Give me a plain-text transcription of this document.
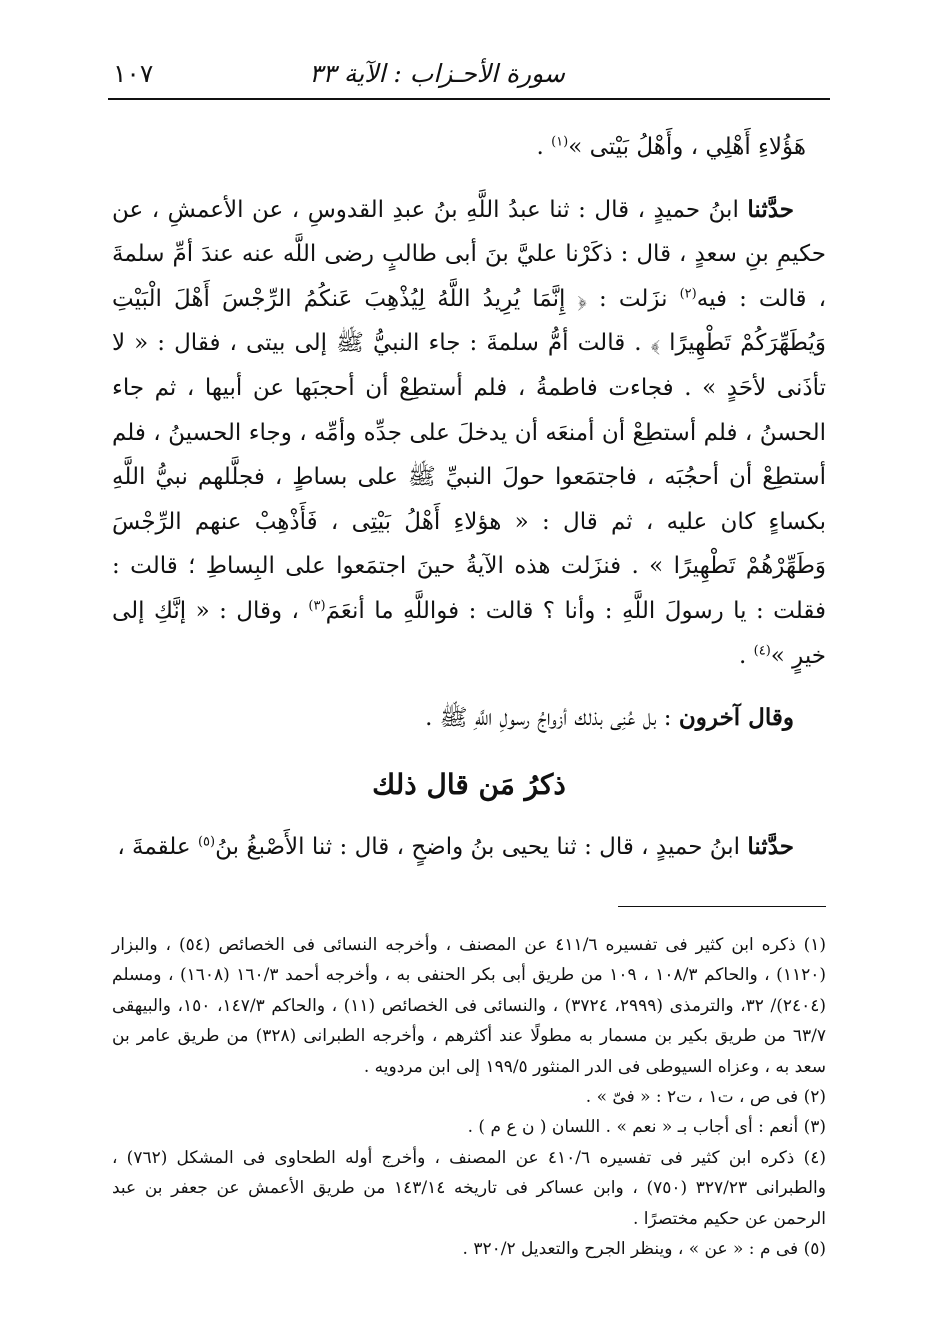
سورة الأحـزاب : الآية ٣٣
١٠٧

هَؤُلاءِ أَهْلِي ، وأَهْلُ بَيْتى »$^{(١)}$ .

حدَّثنا ابنُ حميدٍ ، قال : ثنا عبدُ اللَّهِ بنُ عبدِ القدوسِ ، عن الأعمشِ ، عن حكيمِ بنِ سعدٍ ، قال : ذكَرْنا عليَّ بنَ أبى طالبٍ رضى اللَّه عنه عندَ أمِّ سلمةَ ، قالت : فيه$^{(٢)}$ نزَلت : ﴿ إِنَّمَا يُرِيدُ اللَّهُ لِيُذْهِبَ عَنكُمُ الرِّجْسَ أَهْلَ الْبَيْتِ وَيُطَهِّرَكُمْ تَطْهِيرًا ﴾ . قالت أمُّ سلمةَ : جاء النبيُّ ﷺ إلى بيتى ، فقال : « لا تأذَنى لأحَدٍ » . فجاءت فاطمةُ ، فلم أستطِعْ أن أحجبَها عن أبيها ، ثم جاء الحسنُ ، فلم أستطِعْ أن أمنعَه أن يدخلَ على جدِّه وأمِّه ، وجاء الحسينُ ، فلم أستطِعْ أن أحجُبَه ، فاجتمَعوا حولَ النبيِّ ﷺ على بساطٍ ، فجلَّلهم نبيُّ اللَّهِ بكساءٍ كان عليه ، ثم قال : « هؤلاءِ أَهْلُ بَيْتِى ، فَأَذْهِبْ عنهم الرِّجْسَ وَطَهِّرْهُمْ تَطْهِيرًا » . فنزَلت هذه الآيةُ حينَ اجتمَعوا على البِساطِ ؛ قالت : فقلت : يا رسولَ اللَّهِ : وأنا ؟ قالت : فواللَّهِ ما أنعَمَ$^{(٣)}$ ، وقال : « إنَّكِ إلى خيرٍ »$^{(٤)}$ .

وقال آخرون : بل عُنِى بذلك أزواجُ رسولِ اللَّهِ ﷺ .

ذكرُ مَن قال ذلك

حدَّثنا ابنُ حميدٍ ، قال : ثنا يحيى بنُ واضحٍ ، قال : ثنا الأَصْبغُ بنُ$^{(٥)}$ علقمةَ ،

(١) ذكره ابن كثير فى تفسيره ٤١١/٦ عن المصنف ، وأخرجه النسائى فى الخصائص (٥٤) ، والبزار (١١٢٠) ، والحاكم ١٠٨/٣ ، ١٠٩ من طريق أبى بكر الحنفى به ، وأخرجه أحمد ١٦٠/٣ (١٦٠٨) ، ومسلم (٢٤٠٤)/ ٣٢، والترمذى (٢٩٩٩، ٣٧٢٤) ، والنسائى فى الخصائص (١١) ، والحاكم ١٤٧/٣، ١٥٠، والبيهقى ٦٣/٧ من طريق بكير بن مسمار به مطولًا عند أكثرهم ، وأخرجه الطبرانى (٣٢٨) من طريق عامر بن سعد به ، وعزاه السيوطى فى الدر المنثور ١٩٩/٥ إلى ابن مردويه .

(٢) فى ص ، ت١ ، ت٢ : « فىّ » .

(٣) أنعم : أى أجاب بـ « نعم » . اللسان ( ن ع م ) .

(٤) ذكره ابن كثير فى تفسيره ٤١٠/٦ عن المصنف ، وأخرج أوله الطحاوى فى المشكل (٧٦٢) ، والطبرانى ٣٢٧/٢٣ (٧٥٠) ، وابن عساكر فى تاريخه ١٤٣/١٤ من طريق الأعمش عن جعفر بن عبد الرحمن عن حكيم مختصرًا .

(٥) فى م : « عن » ، وينظر الجرح والتعديل ٣٢٠/٢ .
